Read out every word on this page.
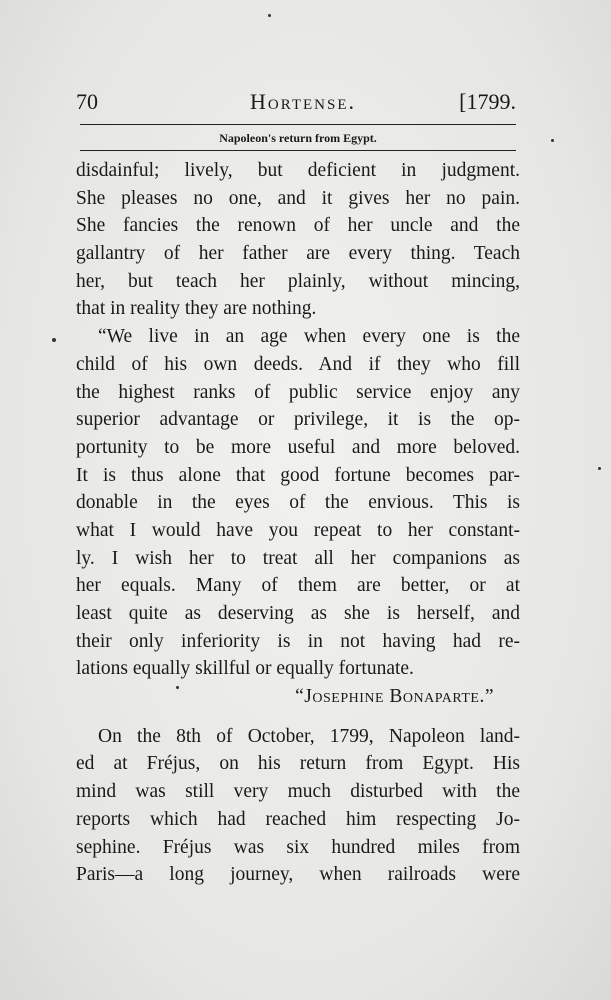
70	Hortense.	[1799.
Napoleon's return from Egypt.
disdainful; lively, but deficient in judgment.
She pleases no one, and it gives her no pain.
She fancies the renown of her uncle and the
gallantry of her father are every thing. Teach
her, but teach her plainly, without mincing,
that in reality they are nothing.
“We live in an age when every one is the
child of his own deeds. And if they who fill
the highest ranks of public service enjoy any
superior advantage or privilege, it is the op-
portunity to be more useful and more beloved.
It is thus alone that good fortune becomes par-
donable in the eyes of the envious. This is
what I would have you repeat to her constant-
ly. I wish her to treat all her companions as
her equals. Many of them are better, or at
least quite as deserving as she is herself, and
their only inferiority is in not having had re-
lations equally skillful or equally fortunate.
“Josephine Bonaparte.”
On the 8th of October, 1799, Napoleon land-
ed at Fréjus, on his return from Egypt. His
mind was still very much disturbed with the
reports which had reached him respecting Jo-
sephine. Fréjus was six hundred miles from
Paris—a long journey, when railroads were
